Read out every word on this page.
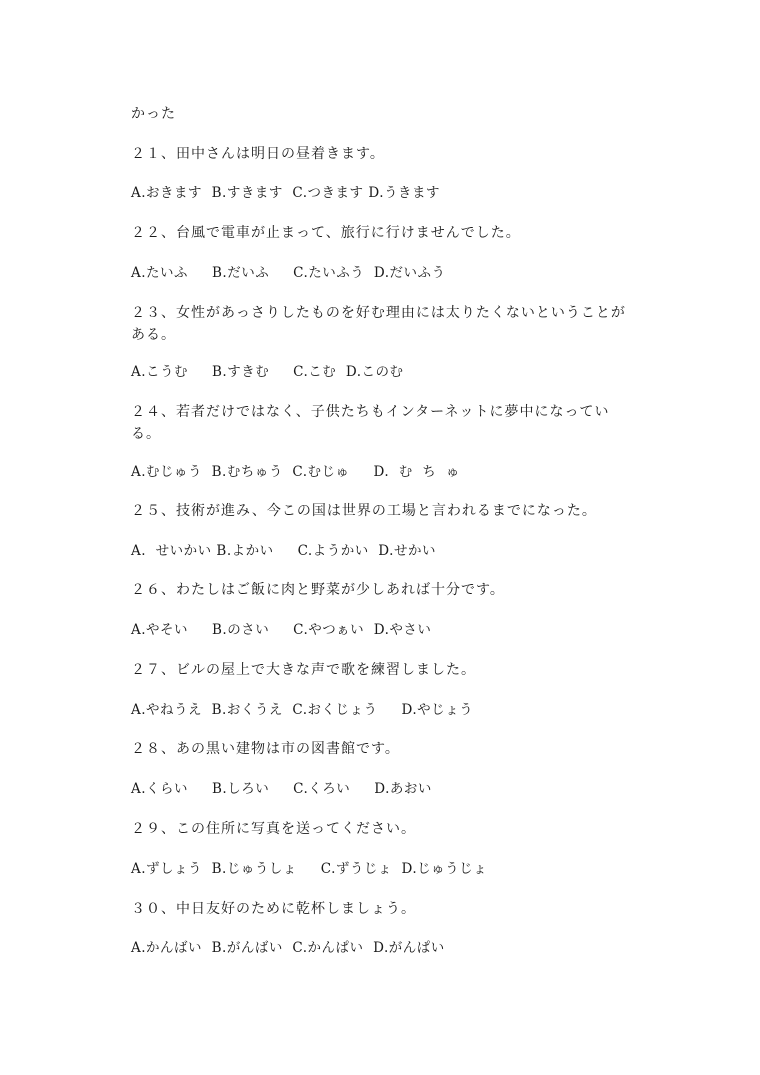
かった
２１、田中さんは明日の昼着きます。
A.おきます  B.すきます  C.つきます D.うきます
２２、台風で電車が止まって、旅行に行けませんでした。
A.たいふ     B.だいふ     C.たいふう  D.だいふう
２３、女性があっさりしたものを好む理由には太りたくないということがある。
A.こうむ     B.すきむ     C.こむ  D.このむ
２４、若者だけではなく、子供たちもインターネットに夢中になっている。
A.むじゅう  B.むちゅう  C.むじゅ     D.  む  ち  ゅ
２５、技術が進み、今この国は世界の工場と言われるまでになった。
A.  せいかい B.よかい     C.ようかい  D.せかい
２６、わたしはご飯に肉と野菜が少しあれば十分です。
A.やそい     B.のさい     C.やつぁい  D.やさい
２７、ビルの屋上で大きな声で歌を練習しました。
A.やねうえ  B.おくうえ  C.おくじょう     D.やじょう
２８、あの黒い建物は市の図書館です。
A.くらい     B.しろい     C.くろい     D.あおい
２９、この住所に写真を送ってください。
A.ずしょう  B.じゅうしょ     C.ずうじょ  D.じゅうじょ
３０、中日友好のために乾杯しましょう。
A.かんばい  B.がんばい  C.かんぱい  D.がんぱい
